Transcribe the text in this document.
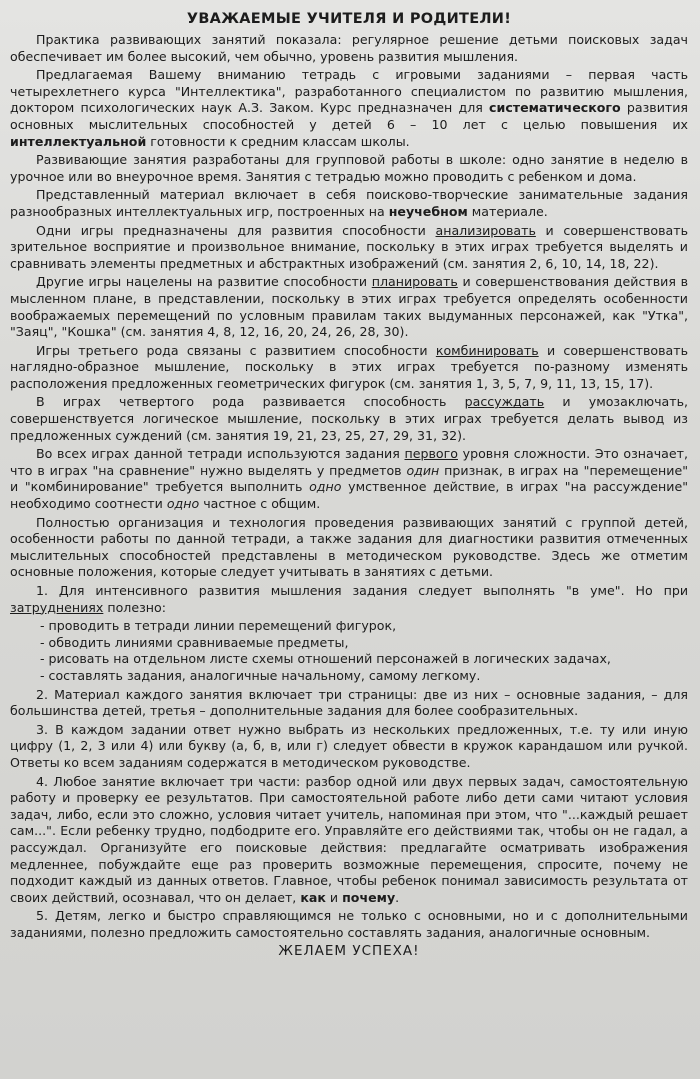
УВАЖАЕМЫЕ УЧИТЕЛЯ И РОДИТЕЛИ!

Практика развивающих занятий показала: регулярное решение детьми поисковых задач обеспечивает им более высокий, чем обычно, уровень развития мышления.

Предлагаемая Вашему вниманию тетрадь с игровыми заданиями – первая часть четырехлетнего курса "Интеллектика", разработанного специалистом по развитию мышления, доктором психологических наук А.З. Заком. Курс предназначен для систематического развития основных мыслительных способностей у детей 6 – 10 лет с целью повышения их интеллектуальной готовности к средним классам школы.

Развивающие занятия разработаны для групповой работы в школе: одно занятие в неделю в урочное или во внеурочное время. Занятия с тетрадью можно проводить с ребенком и дома.

Представленный материал включает в себя поисково-творческие занимательные задания разнообразных интеллектуальных игр, построенных на неучебном материале.

Одни игры предназначены для развития способности анализировать и совершенствовать зрительное восприятие и произвольное внимание, поскольку в этих играх требуется выделять и сравнивать элементы предметных и абстрактных изображений (см. занятия 2, 6, 10, 14, 18, 22).

Другие игры нацелены на развитие способности планировать и совершенствования действия в мысленном плане, в представлении, поскольку в этих играх требуется определять особенности воображаемых перемещений по условным правилам таких выдуманных персонажей, как "Утка", "Заяц", "Кошка" (см. занятия 4, 8, 12, 16, 20, 24, 26, 28, 30).

Игры третьего рода связаны с развитием способности комбинировать и совершенствовать наглядно-образное мышление, поскольку в этих играх требуется по-разному изменять расположения предложенных геометрических фигурок (см. занятия 1, 3, 5, 7, 9, 11, 13, 15, 17).

В играх четвертого рода развивается способность рассуждать и умозаключать, совершенствуется логическое мышление, поскольку в этих играх требуется делать вывод из предложенных суждений (см. занятия 19, 21, 23, 25, 27, 29, 31, 32).

Во всех играх данной тетради используются задания первого уровня сложности. Это означает, что в играх "на сравнение" нужно выделять у предметов один признак, в играх на "перемещение" и "комбинирование" требуется выполнить одно умственное действие, в играх "на рассуждение" необходимо соотнести одно частное с общим.

Полностью организация и технология проведения развивающих занятий с группой детей, особенности работы по данной тетради, а также задания для диагностики развития отмеченных мыслительных способностей представлены в методическом руководстве. Здесь же отметим основные положения, которые следует учитывать в занятиях с детьми.

1. Для интенсивного развития мышления задания следует выполнять "в уме". Но при затруднениях полезно:

- проводить в тетради линии перемещений фигурок,
- обводить линиями сравниваемые предметы,
- рисовать на отдельном листе схемы отношений персонажей в логических задачах,
- составлять задания, аналогичные начальному, самому легкому.

2. Материал каждого занятия включает три страницы: две из них – основные задания, – для большинства детей, третья – дополнительные задания для более сообразительных.

3. В каждом задании ответ нужно выбрать из нескольких предложенных, т.е. ту или иную цифру (1, 2, 3 или 4) или букву (а, б, в, или г) следует обвести в кружок карандашом или ручкой. Ответы ко всем заданиям содержатся в методическом руководстве.

4. Любое занятие включает три части: разбор одной или двух первых задач, самостоятельную работу и проверку ее результатов. При самостоятельной работе либо дети сами читают условия задач, либо, если это сложно, условия читает учитель, напоминая при этом, что "...каждый решает сам...". Если ребенку трудно, подбодрите его. Управляйте его действиями так, чтобы он не гадал, а рассуждал. Организуйте его поисковые действия: предлагайте осматривать изображения медленнее, побуждайте еще раз проверить возможные перемещения, спросите, почему не подходит каждый из данных ответов. Главное, чтобы ребенок понимал зависимость результата от своих действий, осознавал, что он делает, как и почему.

5. Детям, легко и быстро справляющимся не только с основными, но и с дополнительными заданиями, полезно предложить самостоятельно составлять задания, аналогичные основным.

ЖЕЛАЕМ УСПЕХА!
